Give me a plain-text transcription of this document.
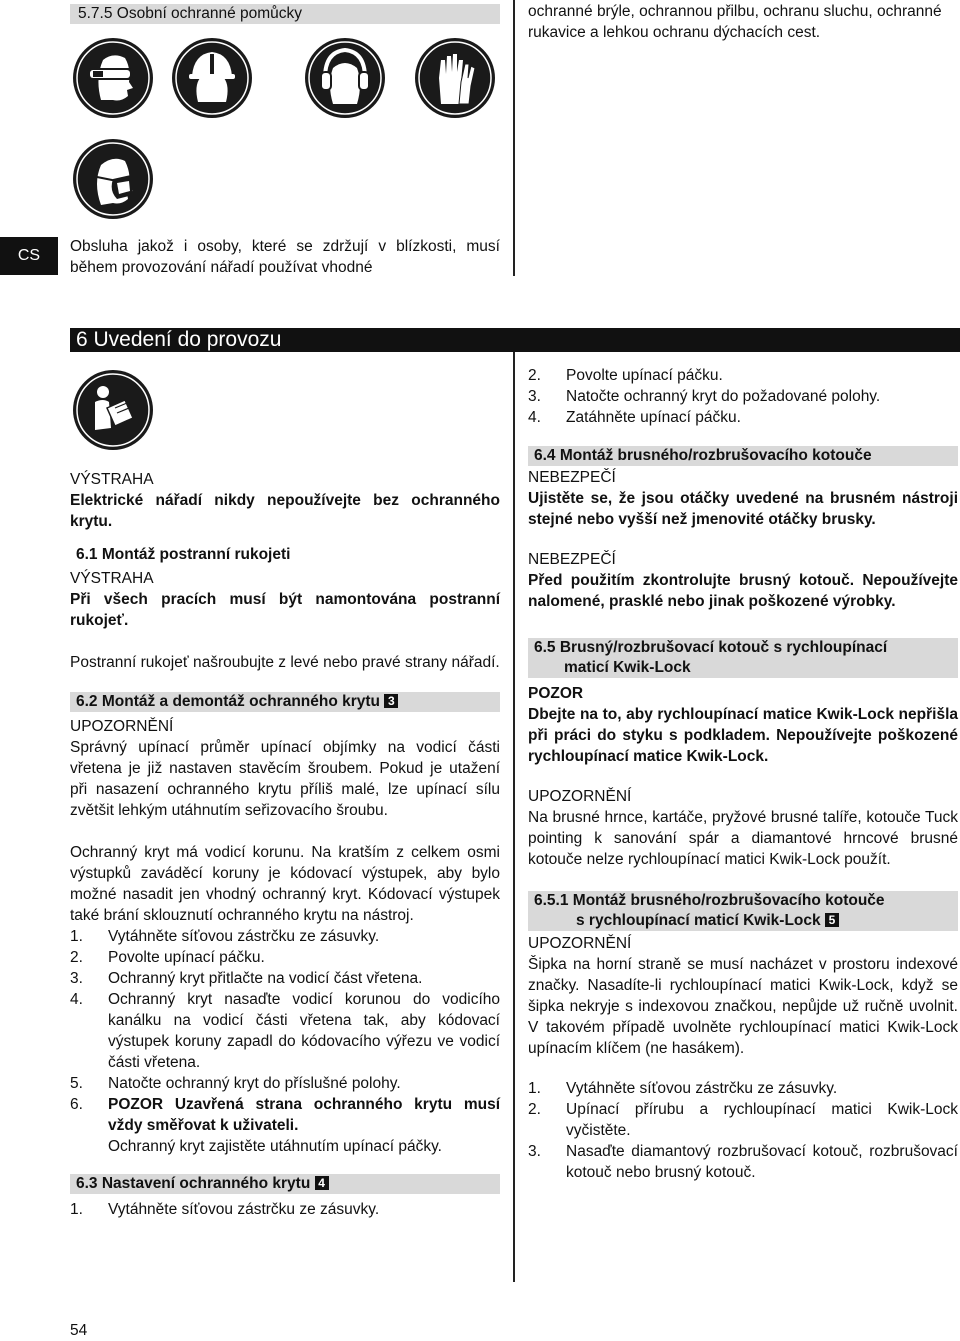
5.7.5 Osobní ochranné pomůcky	ochranné brýle, ochrannou přilbu, ochranu sluchu, ochranné rukavice a lehkou ochranu dýchacích cest.

CS

Obsluha jakož i osoby, které se zdržují v blízkosti, musí během provozování nářadí používat vhodné

6 Uvedení do provozu

VÝSTRAHA

Elektrické nářadí nikdy nepoužívejte bez ochranného krytu.

6.1 Montáž postranní rukojeti

VÝSTRAHA

Při všech pracích musí být namontována postranní rukojeť.

Postranní rukojeť našroubujte z levé nebo pravé strany nářadí.

6.2 Montáž a demontáž ochranného krytu 3

UPOZORNĚNÍ

Správný upínací průměr upínací objímky na vodicí části vřetena je již nastaven stavěcím šroubem. Pokud je utažení při nasazení ochranného krytu příliš malé, lze upínací sílu zvětšit lehkým utáhnutím seřizovacího šroubu.

Ochranný kryt má vodicí korunu. Na kratším z celkem osmi výstupků zaváděcí koruny je kódovací výstupek, aby bylo možné nasadit jen vhodný ochranný kryt. Kódovací výstupek také brání sklouznutí ochranného krytu na nástroj.

1. Vytáhněte síťovou zástrčku ze zásuvky.
2. Povolte upínací páčku.
3. Ochranný kryt přitlačte na vodicí část vřetena.
4. Ochranný kryt nasaďte vodicí korunou do vodicího kanálku na vodicí části vřetena tak, aby kódovací výstupek koruny zapadl do kódovacího výřezu ve vodicí části vřetena.
5. Natočte ochranný kryt do příslušné polohy.
6. POZOR Uzavřená strana ochranného krytu musí vždy směřovat k uživateli.
Ochranný kryt zajistěte utáhnutím upínací páčky.
6.3 Nastavení ochranného krytu 4
1. Vytáhněte síťovou zástrčku ze zásuvky.
2. Povolte upínací páčku.
3. Natočte ochranný kryt do požadované polohy.
4. Zatáhněte upínací páčku.
6.4 Montáž brusného/rozbrušovacího kotouče

NEBEZPEČÍ

Ujistěte se, že jsou otáčky uvedené na brusném nástroji stejné nebo vyšší než jmenovité otáčky brusky.

NEBEZPEČÍ

Před použitím zkontrolujte brusný kotouč. Nepoužívejte nalomené, prasklé nebo jinak poškozené výrobky.

6.5 Brusný/rozbrušovací kotouč s rychloupínací
maticí Kwik-Lock

POZOR

Dbejte na to, aby rychloupínací matice Kwik-Lock nepřišla při práci do styku s podkladem. Nepoužívejte poškozené rychloupínací matice Kwik-Lock.

UPOZORNĚNÍ

Na brusné hrnce, kartáče, pryžové brusné talíře, kotouče Tuck pointing k sanování spár a diamantové hrncové brusné kotouče nelze rychloupínací matici Kwik-Lock použít.

6.5.1 Montáž brusného/rozbrušovacího kotouče
s rychloupínací maticí Kwik-Lock 5

UPOZORNĚNÍ

Šipka na horní straně se musí nacházet v prostoru indexové značky. Nasadíte-li rychloupínací matici Kwik-Lock, když se šipka nekryje s indexovou značkou, nepůjde už ručně uvolnit. V takovém případě uvolněte rychloupínací matici Kwik-Lock upínacím klíčem (ne hasákem).

1. Vytáhněte síťovou zástrčku ze zásuvky.
2. Upínací přírubu a rychloupínací matici Kwik-Lock vyčistěte.
3. Nasaďte diamantový rozbrušovací kotouč, rozbrušovací kotouč nebo brusný kotouč.

54
